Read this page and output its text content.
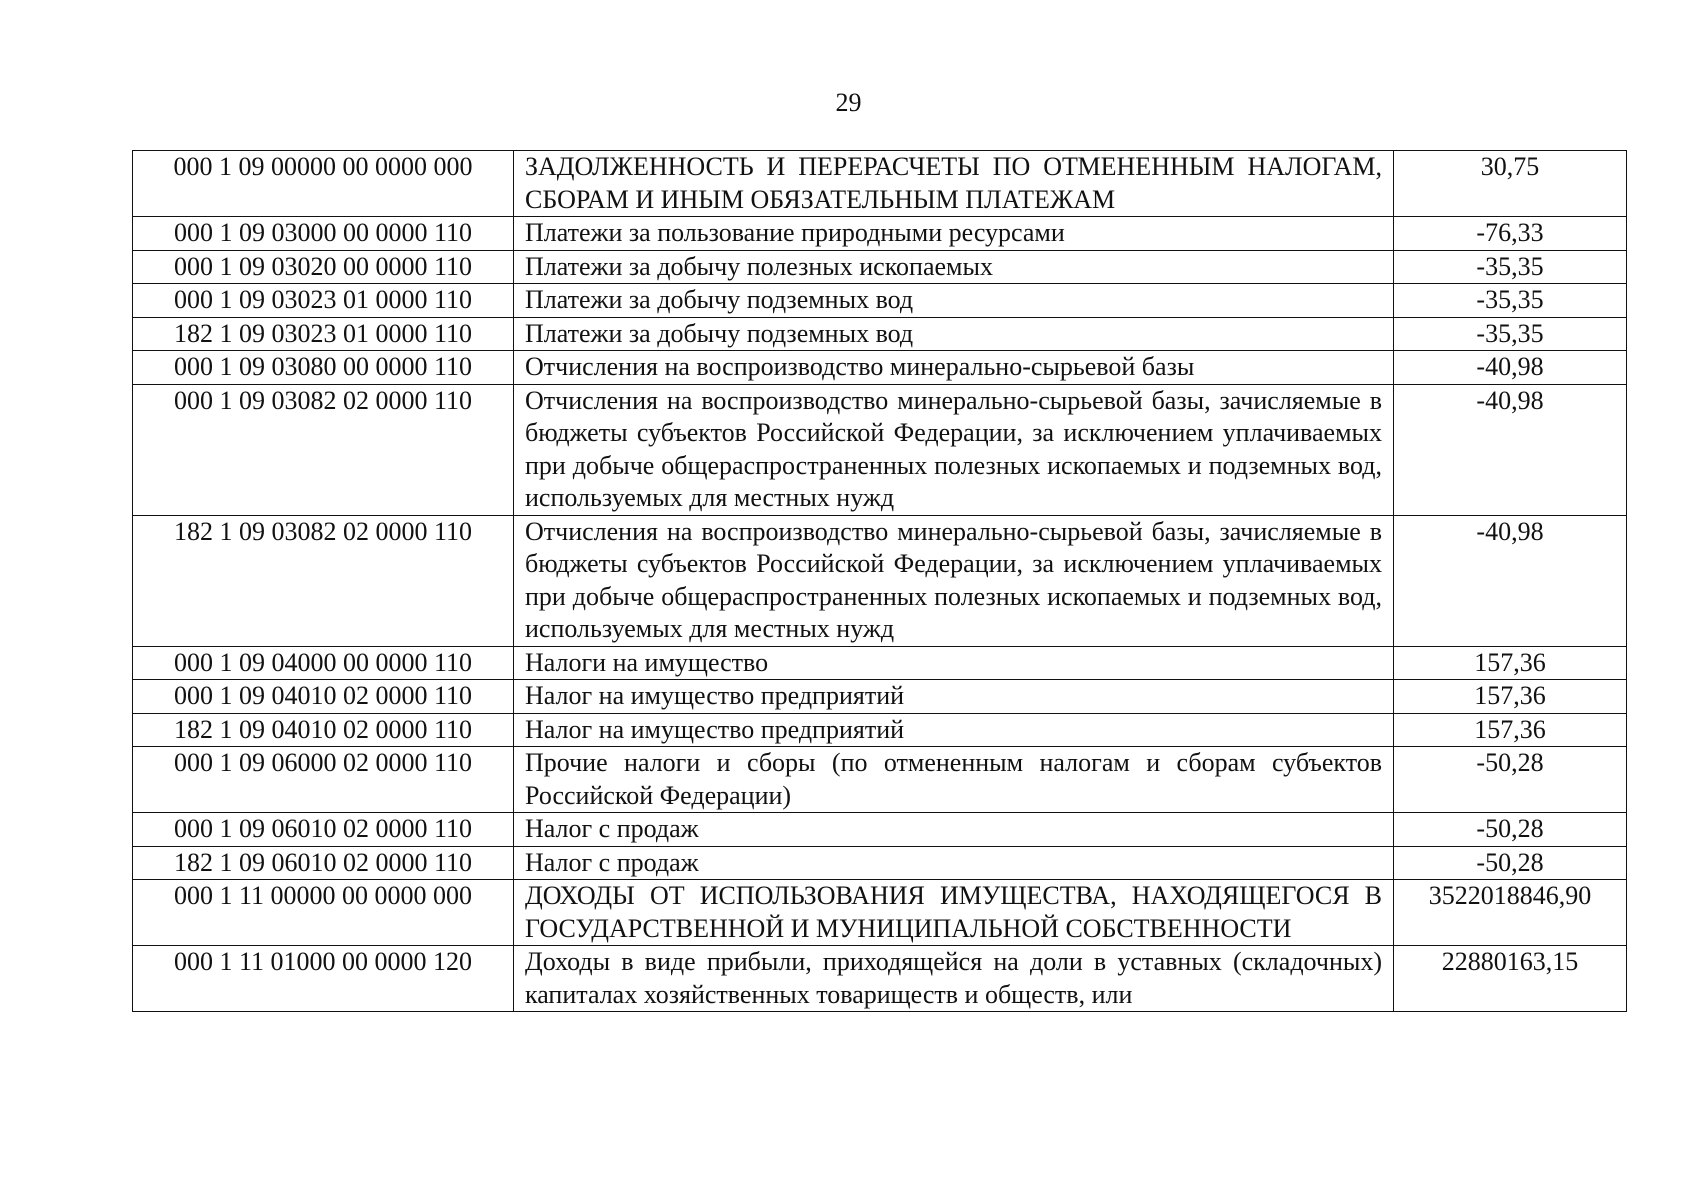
29
000 1 09 00000 00 0000 000	ЗАДОЛЖЕННОСТЬ И ПЕРЕРАСЧЕТЫ ПО ОТМЕНЕННЫМ НАЛОГАМ, СБОРАМ И ИНЫМ ОБЯЗАТЕЛЬНЫМ ПЛАТЕЖАМ	30,75
000 1 09 03000 00 0000 110	Платежи за пользование природными ресурсами	-76,33
000 1 09 03020 00 0000 110	Платежи за добычу полезных ископаемых	-35,35
000 1 09 03023 01 0000 110	Платежи за добычу подземных вод	-35,35
182 1 09 03023 01 0000 110	Платежи за добычу подземных вод	-35,35
000 1 09 03080 00 0000 110	Отчисления на воспроизводство минерально-сырьевой базы	-40,98
000 1 09 03082 02 0000 110	Отчисления на воспроизводство минерально-сырьевой базы, зачисляемые в бюджеты субъектов Российской Федерации, за исключением уплачиваемых при добыче общераспространенных полезных ископаемых и подземных вод, используемых для местных нужд	-40,98
182 1 09 03082 02 0000 110	Отчисления на воспроизводство минерально-сырьевой базы, зачисляемые в бюджеты субъектов Российской Федерации, за исключением уплачиваемых при добыче общераспространенных полезных ископаемых и подземных вод, используемых для местных нужд	-40,98
000 1 09 04000 00 0000 110	Налоги на имущество	157,36
000 1 09 04010 02 0000 110	Налог на имущество предприятий	157,36
182 1 09 04010 02 0000 110	Налог на имущество предприятий	157,36
000 1 09 06000 02 0000 110	Прочие налоги и сборы (по отмененным налогам и сборам субъектов Российской Федерации)	-50,28
000 1 09 06010 02 0000 110	Налог с продаж	-50,28
182 1 09 06010 02 0000 110	Налог с продаж	-50,28
000 1 11 00000 00 0000 000	ДОХОДЫ ОТ ИСПОЛЬЗОВАНИЯ ИМУЩЕСТВА, НАХОДЯЩЕГОСЯ В ГОСУДАРСТВЕННОЙ И МУНИЦИПАЛЬНОЙ СОБСТВЕННОСТИ	3522018846,90
000 1 11 01000 00 0000 120	Доходы в виде прибыли, приходящейся на доли в уставных (складочных) капиталах хозяйственных товариществ и обществ, или	22880163,15
